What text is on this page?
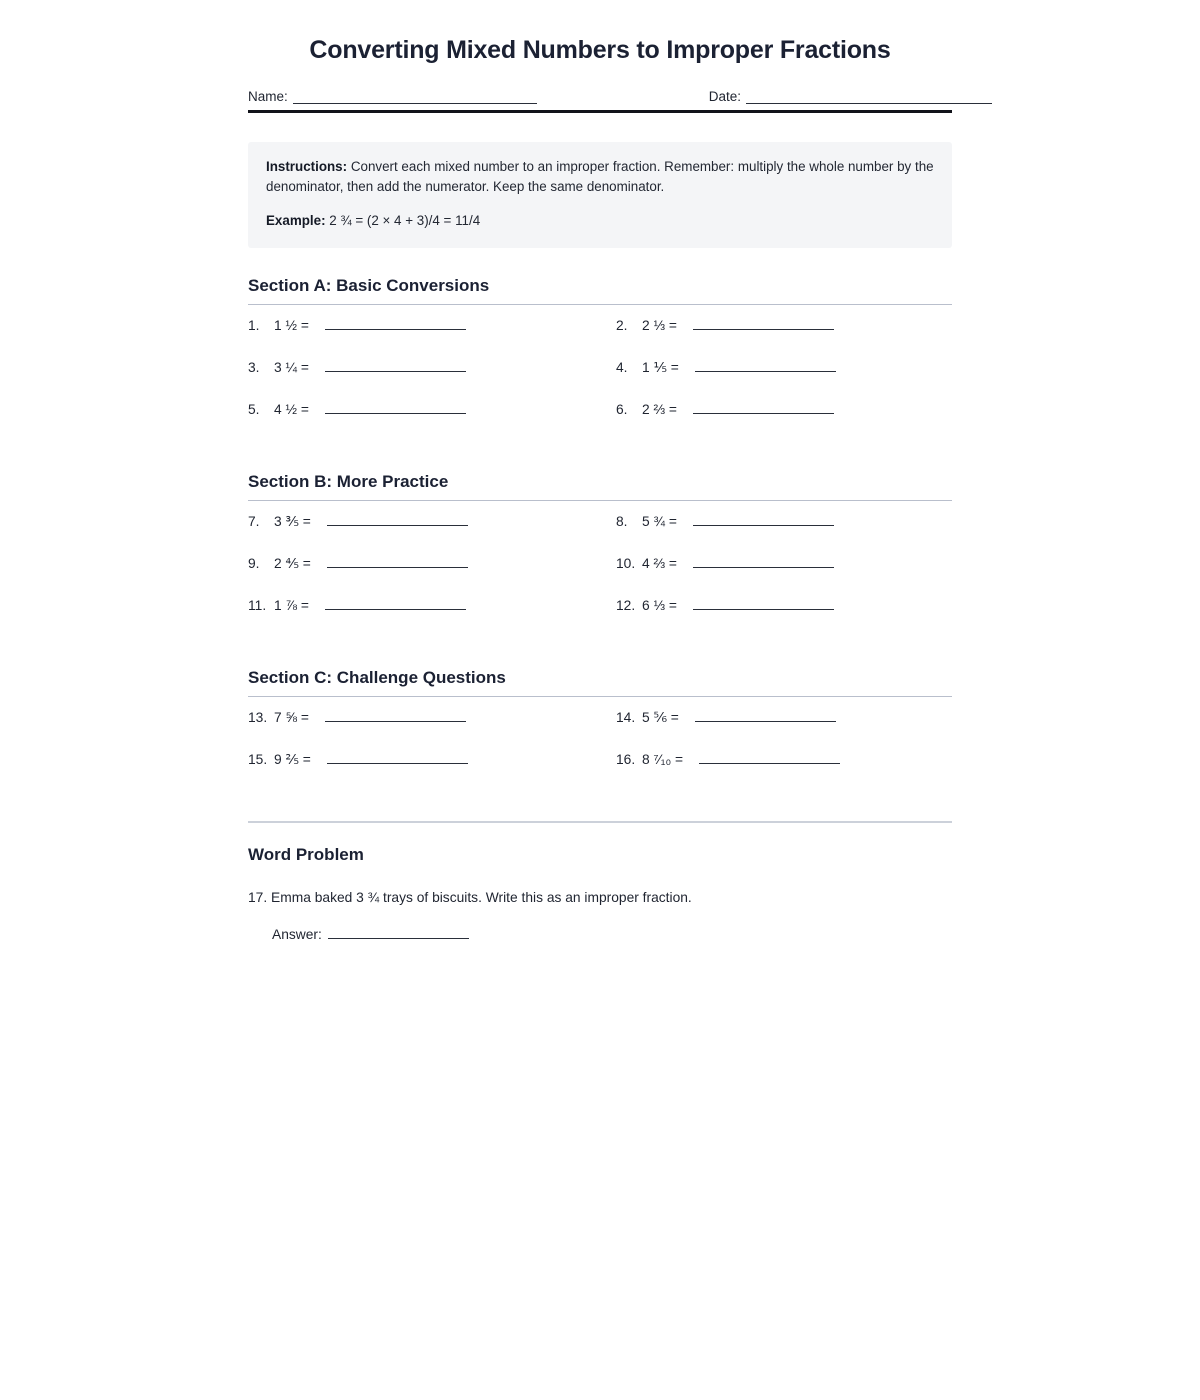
Converting Mixed Numbers to Improper Fractions
Name:	Date:

Instructions: Convert each mixed number to an improper fraction. Remember: multiply the whole number by the denominator, then add the numerator. Keep the same denominator.

Example: 2 ¾ = (2 × 4 + 3)/4 = 11/4

Section A: Basic Conversions
1.	1 ½ =	2.	2 ⅓ =
3.	3 ¼ =	4.	1 ⅕ =
5.	4 ½ =	6.	2 ⅔ =
Section B: More Practice
7.	3 ⅗ =	8.	5 ¾ =
9.	2 ⅘ =	10. 4 ⅔ =
11. 1 ⅞ =	12. 6 ⅓ =
Section C: Challenge Questions
13. 7 ⅝ =	14. 5 ⅚ =
15. 9 ⅖ =	16. 8 ⁷⁄₁₀ =
Word Problem

17. Emma baked 3 ¾ trays of biscuits. Write this as an improper fraction.

Answer:
